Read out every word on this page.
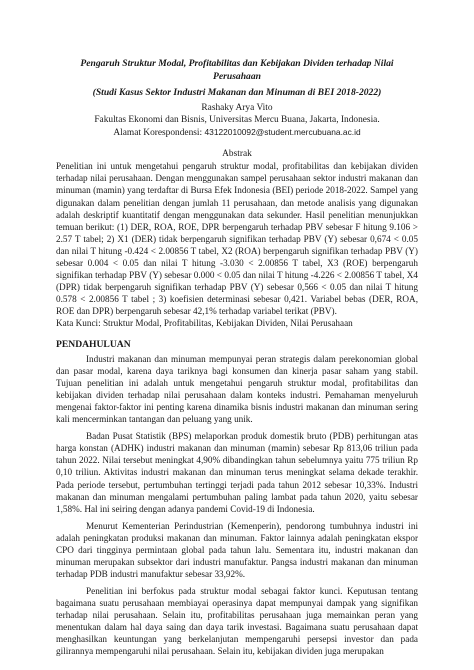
Pengaruh Struktur Modal, Profitabilitas dan Kebijakan Dividen terhadap Nilai Perusahaan

(Studi Kasus Sektor Industri Makanan dan Minuman di BEI 2018-2022)

Rashaky Arya Vito

Fakultas Ekonomi dan Bisnis, Universitas Mercu Buana, Jakarta, Indonesia.

Alamat Korespondensi: 43122010092@student.mercubuana.ac.id

Abstrak

Penelitian ini untuk mengetahui pengaruh struktur modal, profitabilitas dan kebijakan dividen terhadap nilai perusahaan. Dengan menggunakan sampel perusahaan sektor industri makanan dan minuman (mamin) yang terdaftar di Bursa Efek Indonesia (BEI) periode 2018-2022. Sampel yang digunakan dalam penelitian dengan jumlah 11 perusahaan, dan metode analisis yang digunakan adalah deskriptif kuantitatif dengan menggunakan data sekunder. Hasil penelitian menunjukkan temuan berikut: (1) DER, ROA, ROE, DPR berpengaruh terhadap PBV sebesar F hitung 9.106 > 2.57 T tabel; 2) X1 (DER) tidak berpengaruh signifikan terhadap PBV (Y) sebesar 0,674 < 0.05 dan nilai T hitung -0.424 < 2.00856 T tabel, X2 (ROA) berpengaruh signifikan terhadap PBV (Y) sebesar 0.004 < 0.05 dan nilai T hitung -3.030 < 2.00856 T tabel, X3 (ROE) berpengaruh signifikan terhadap PBV (Y) sebesar 0.000 < 0.05 dan nilai T hitung -4.226 < 2.00856 T tabel, X4 (DPR) tidak berpengaruh signifikan terhadap PBV (Y) sebesar 0,566 < 0.05 dan nilai T hitung 0.578 < 2.00856 T tabel ; 3) koefisien determinasi sebesar 0,421. Variabel bebas (DER, ROA, ROE dan DPR) berpengaruh sebesar 42,1% terhadap variabel terikat (PBV).

Kata Kunci: Struktur Modal, Profitabilitas, Kebijakan Dividen, Nilai Perusahaan

PENDAHULUAN

Industri makanan dan minuman mempunyai peran strategis dalam perekonomian global dan pasar modal, karena daya tariknya bagi konsumen dan kinerja pasar saham yang stabil. Tujuan penelitian ini adalah untuk mengetahui pengaruh struktur modal, profitabilitas dan kebijakan dividen terhadap nilai perusahaan dalam konteks industri. Pemahaman menyeluruh mengenai faktor-faktor ini penting karena dinamika bisnis industri makanan dan minuman sering kali mencerminkan tantangan dan peluang yang unik.

Badan Pusat Statistik (BPS) melaporkan produk domestik bruto (PDB) perhitungan atas harga konstan (ADHK) industri makanan dan minuman (mamin) sebesar Rp 813,06 triliun pada tahun 2022. Nilai tersebut meningkat 4,90% dibandingkan tahun sebelumnya yaitu 775 triliun Rp 0,10 triliun. Aktivitas industri makanan dan minuman terus meningkat selama dekade terakhir. Pada periode tersebut, pertumbuhan tertinggi terjadi pada tahun 2012 sebesar 10,33%. Industri makanan dan minuman mengalami pertumbuhan paling lambat pada tahun 2020, yaitu sebesar 1,58%. Hal ini seiring dengan adanya pandemi Covid-19 di Indonesia.

Menurut Kementerian Perindustrian (Kemenperin), pendorong tumbuhnya industri ini adalah peningkatan produksi makanan dan minuman. Faktor lainnya adalah peningkatan ekspor CPO dari tingginya permintaan global pada tahun lalu. Sementara itu, industri makanan dan minuman merupakan subsektor dari industri manufaktur. Pangsa industri makanan dan minuman terhadap PDB industri manufaktur sebesar 33,92%.

Penelitian ini berfokus pada struktur modal sebagai faktor kunci. Keputusan tentang bagaimana suatu perusahaan membiayai operasinya dapat mempunyai dampak yang signifikan terhadap nilai perusahaan. Selain itu, profitabilitas perusahaan juga memainkan peran yang menentukan dalam hal daya saing dan daya tarik investasi. Bagaimana suatu perusahaan dapat menghasilkan keuntungan yang berkelanjutan mempengaruhi persepsi investor dan pada gilirannya mempengaruhi nilai perusahaan. Selain itu, kebijakan dividen juga merupakan
